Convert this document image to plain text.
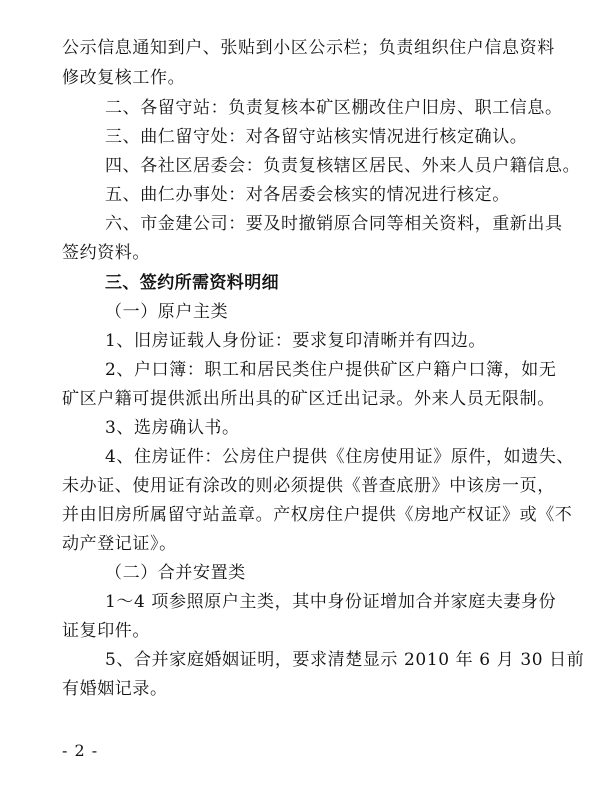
公示信息通知到户、张贴到小区公示栏；负责组织住户信息资料
修改复核工作。
二、各留守站：负责复核本矿区棚改住户旧房、职工信息。
三、曲仁留守处：对各留守站核实情况进行核定确认。
四、各社区居委会：负责复核辖区居民、外来人员户籍信息。
五、曲仁办事处：对各居委会核实的情况进行核定。
六、市金建公司：要及时撤销原合同等相关资料，重新出具
签约资料。
三、签约所需资料明细
（一）原户主类
1、旧房证载人身份证：要求复印清晰并有四边。
2、户口簿：职工和居民类住户提供矿区户籍户口簿，如无
矿区户籍可提供派出所出具的矿区迁出记录。外来人员无限制。
3、选房确认书。
4、住房证件：公房住户提供《住房使用证》原件，如遗失、
未办证、使用证有涂改的则必须提供《普查底册》中该房一页，
并由旧房所属留守站盖章。产权房住户提供《房地产权证》或《不
动产登记证》。
（二）合并安置类
1～4 项参照原户主类，其中身份证增加合并家庭夫妻身份
证复印件。
5、合并家庭婚姻证明，要求清楚显示 2010 年 6 月 30 日前
有婚姻记录。
- 2 -
